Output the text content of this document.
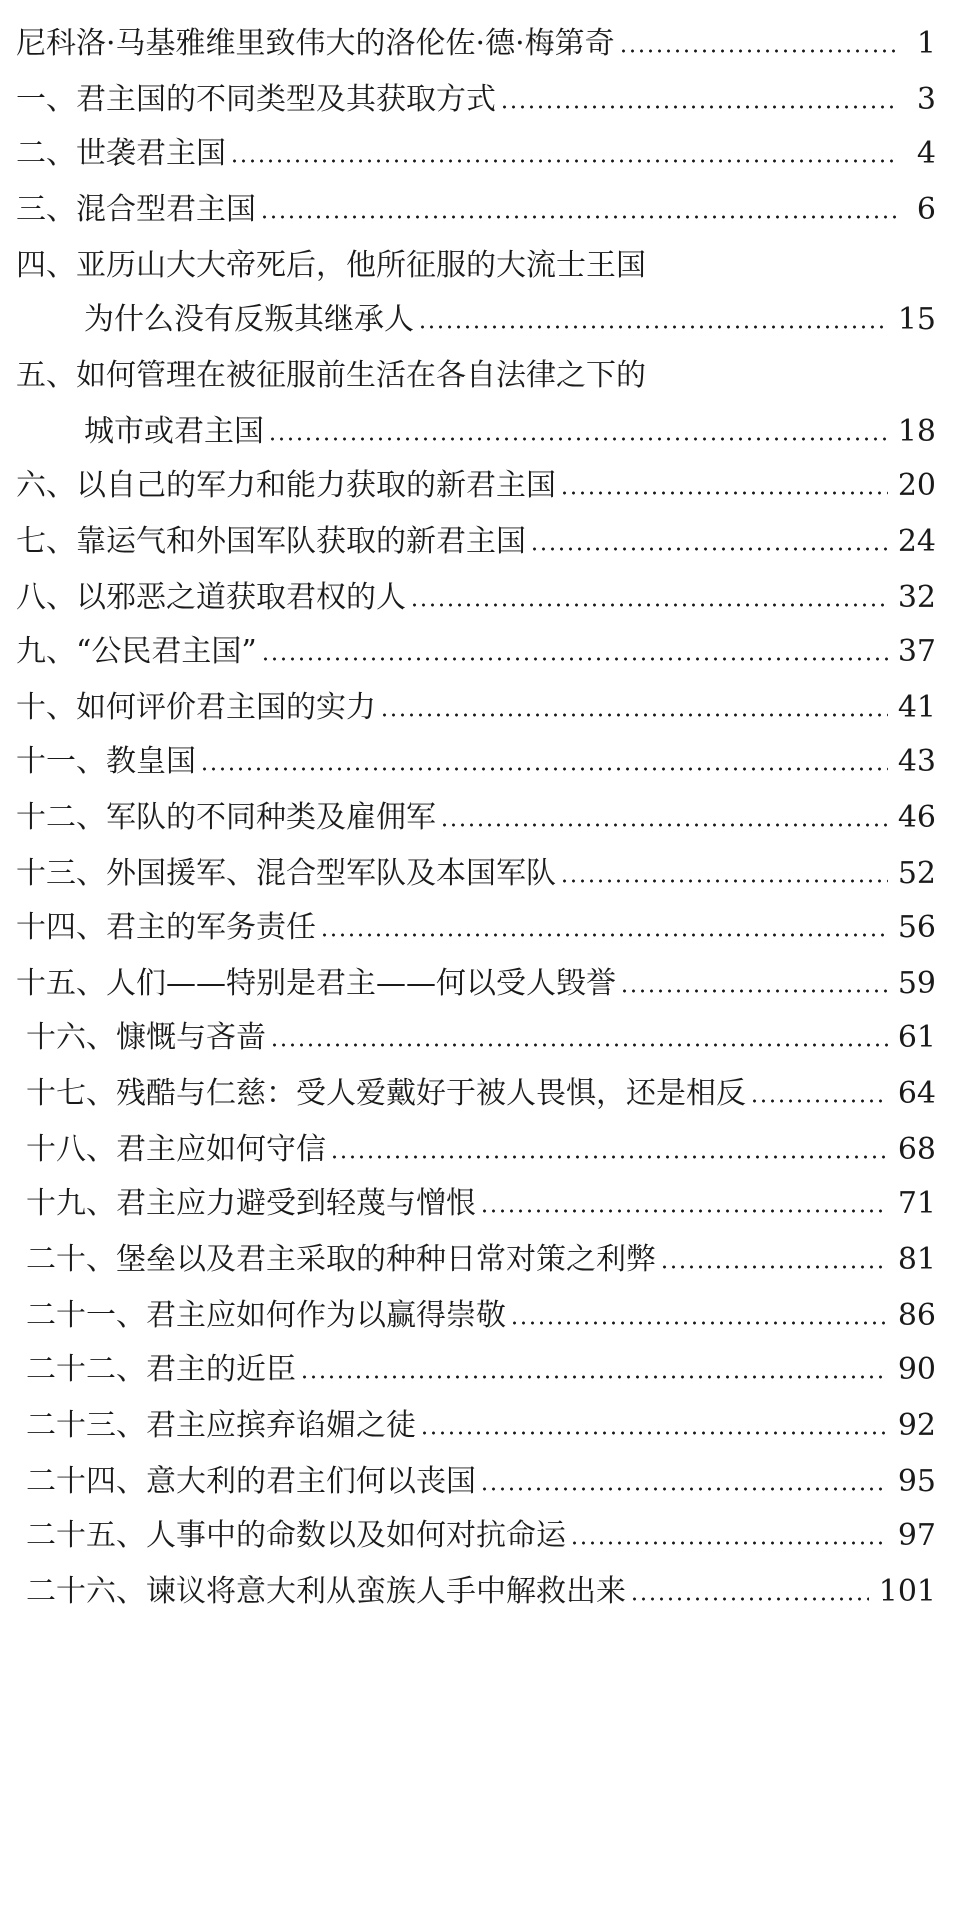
尼科洛·马基雅维里致伟大的洛伦佐·德·梅第奇	1
一、君主国的不同类型及其获取方式	3
二、世袭君主国	4
三、混合型君主国	6
四、亚历山大大帝死后，他所征服的大流士王国
为什么没有反叛其继承人	15
五、如何管理在被征服前生活在各自法律之下的
城市或君主国	18
六、以自己的军力和能力获取的新君主国	20
七、靠运气和外国军队获取的新君主国	24
八、以邪恶之道获取君权的人	32
九、“公民君主国”	37
十、如何评价君主国的实力	41
十一、教皇国	43
十二、军队的不同种类及雇佣军	46
十三、外国援军、混合型军队及本国军队	52
十四、君主的军务责任	56
十五、人们——特别是君主——何以受人毁誉	59
十六、慷慨与吝啬	61
十七、残酷与仁慈：受人爱戴好于被人畏惧，还是相反	64
十八、君主应如何守信	68
十九、君主应力避受到轻蔑与憎恨	71
二十、堡垒以及君主采取的种种日常对策之利弊	81
二十一、君主应如何作为以赢得崇敬	86
二十二、君主的近臣	90
二十三、君主应摈弃谄媚之徒	92
二十四、意大利的君主们何以丧国	95
二十五、人事中的命数以及如何对抗命运	97
二十六、谏议将意大利从蛮族人手中解救出来	101
